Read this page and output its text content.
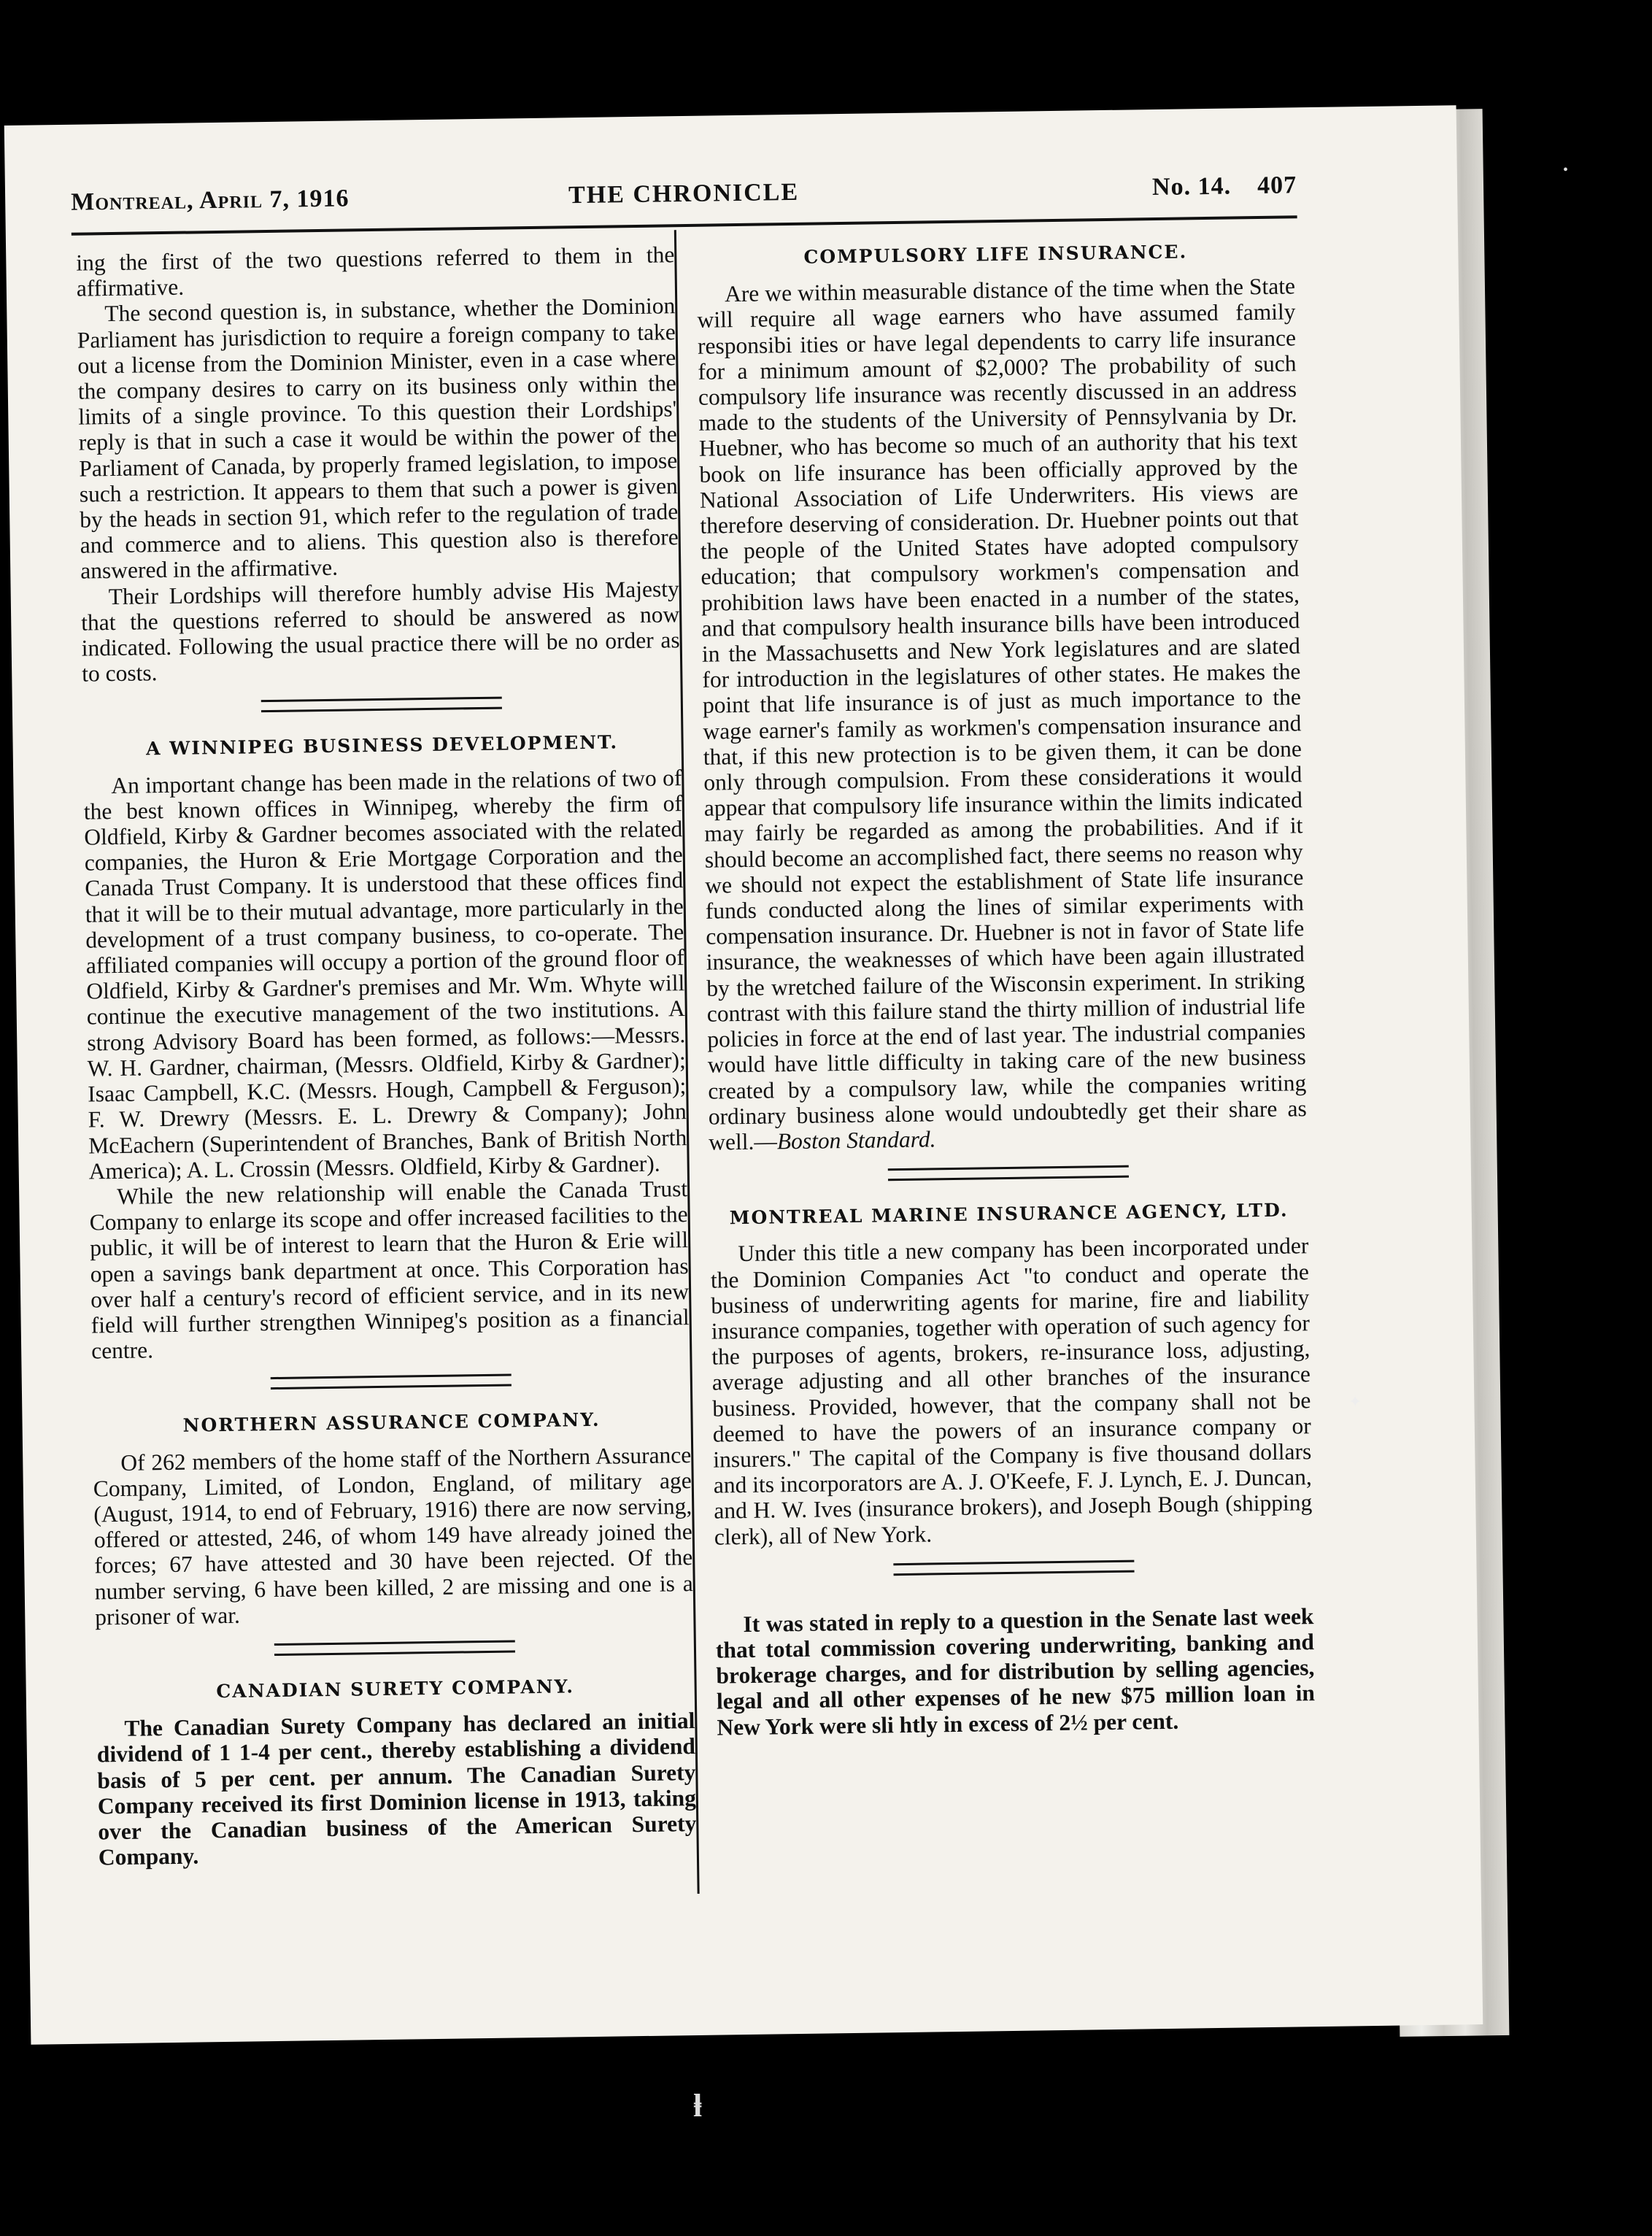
Montreal, April 7, 1916	THE CHRONICLE	No. 14. 407

ing the first of the two questions referred to them in the affirmative.

The second question is, in substance, whether the Dominion Parliament has jurisdiction to require a foreign company to take out a license from the Dominion Minister, even in a case where the company desires to carry on its business only within the limits of a single province. To this question their Lordships' reply is that in such a case it would be within the power of the Parliament of Canada, by properly framed legislation, to impose such a restriction. It appears to them that such a power is given by the heads in section 91, which refer to the regulation of trade and commerce and to aliens. This question also is therefore answered in the affirmative.

Their Lordships will therefore humbly advise His Majesty that the questions referred to should be answered as now indicated. Following the usual practice there will be no order as to costs.

A WINNIPEG BUSINESS DEVELOPMENT.

An important change has been made in the relations of two of the best known offices in Winnipeg, whereby the firm of Oldfield, Kirby & Gardner becomes associated with the related companies, the Huron & Erie Mortgage Corporation and the Canada Trust Company. It is understood that these offices find that it will be to their mutual advantage, more particularly in the development of a trust company business, to co-operate. The affiliated companies will occupy a portion of the ground floor of Oldfield, Kirby & Gardner's premises and Mr. Wm. Whyte will continue the executive management of the two institutions. A strong Advisory Board has been formed, as follows:—Messrs. W. H. Gardner, chairman, (Messrs. Oldfield, Kirby & Gardner); Isaac Campbell, K.C. (Messrs. Hough, Campbell & Ferguson); F. W. Drewry (Messrs. E. L. Drewry & Company); John McEachern (Superintendent of Branches, Bank of British North America); A. L. Crossin (Messrs. Oldfield, Kirby & Gardner).

While the new relationship will enable the Canada Trust Company to enlarge its scope and offer increased facilities to the public, it will be of interest to learn that the Huron & Erie will open a savings bank department at once. This Corporation has over half a century's record of efficient service, and in its new field will further strengthen Winnipeg's position as a financial centre.

NORTHERN ASSURANCE COMPANY.

Of 262 members of the home staff of the Northern Assurance Company, Limited, of London, England, of military age (August, 1914, to end of February, 1916) there are now serving, offered or attested, 246, of whom 149 have already joined the forces; 67 have attested and 30 have been rejected. Of the number serving, 6 have been killed, 2 are missing and one is a prisoner of war.

CANADIAN SURETY COMPANY.

The Canadian Surety Company has declared an initial dividend of 1 1-4 per cent., thereby establishing a dividend basis of 5 per cent. per annum. The Canadian Surety Company received its first Dominion license in 1913, taking over the Canadian business of the American Surety Company.

COMPULSORY LIFE INSURANCE.

Are we within measurable distance of the time when the State will require all wage earners who have assumed family responsibi ities or have legal dependents to carry life insurance for a minimum amount of $2,000? The probability of such compulsory life insurance was recently discussed in an address made to the students of the University of Pennsylvania by Dr. Huebner, who has become so much of an authority that his text book on life insurance has been officially approved by the National Association of Life Underwriters. His views are therefore deserving of consideration. Dr. Huebner points out that the people of the United States have adopted compulsory education; that compulsory workmen's compensation and prohibition laws have been enacted in a number of the states, and that compulsory health insurance bills have been introduced in the Massachusetts and New York legislatures and are slated for introduction in the legislatures of other states. He makes the point that life insurance is of just as much importance to the wage earner's family as workmen's compensation insurance and that, if this new protection is to be given them, it can be done only through compulsion. From these considerations it would appear that compulsory life insurance within the limits indicated may fairly be regarded as among the probabilities. And if it should become an accomplished fact, there seems no reason why we should not expect the establishment of State life insurance funds conducted along the lines of similar experiments with compensation insurance. Dr. Huebner is not in favor of State life insurance, the weaknesses of which have been again illustrated by the wretched failure of the Wisconsin experiment. In striking contrast with this failure stand the thirty million of industrial life policies in force at the end of last year. The industrial companies would have little difficulty in taking care of the new business created by a compulsory law, while the companies writing ordinary business alone would undoubtedly get their share as well.—Boston Standard.

MONTREAL MARINE INSURANCE AGENCY, LTD.

Under this title a new company has been incorporated under the Dominion Companies Act "to conduct and operate the business of underwriting agents for marine, fire and liability insurance companies, together with operation of such agency for the purposes of agents, brokers, re-insurance loss, adjusting, average adjusting and all other branches of the insurance business. Provided, however, that the company shall not be deemed to have the powers of an insurance company or insurers." The capital of the Company is five thousand dollars and its incorporators are A. J. O'Keefe, F. J. Lynch, E. J. Duncan, and H. W. Ives (insurance brokers), and Joseph Bough (shipping clerk), all of New York.

It was stated in reply to a question in the Senate last week that total commission covering underwriting, banking and brokerage charges, and for distribution by selling agencies, legal and all other expenses of he new $75 million loan in New York were sli htly in excess of 2½ per cent.

•
✦
ⱡ
